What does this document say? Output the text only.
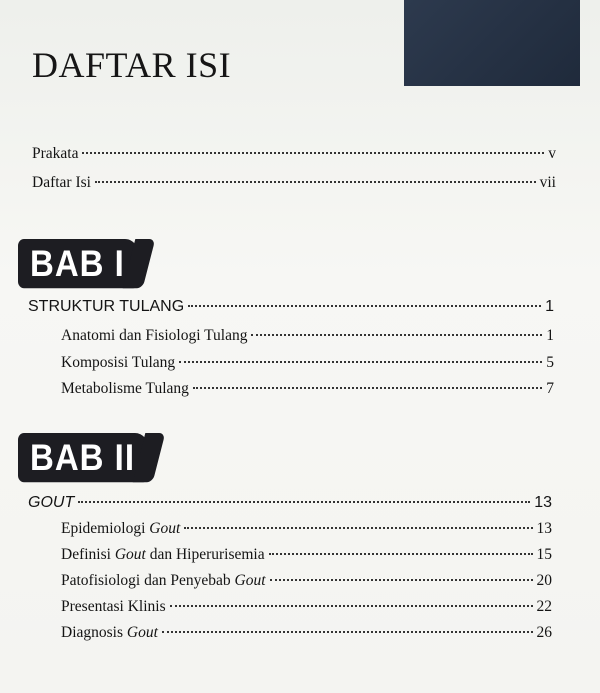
DAFTAR ISI
Prakata	v
Daftar Isi	vii
BAB I
STRUKTUR TULANG	1
Anatomi dan Fisiologi Tulang	1
Komposisi Tulang	5
Metabolisme Tulang	7
BAB II
GOUT	13
Epidemiologi Gout	13
Definisi Gout dan Hiperurisemia	15
Patofisiologi dan Penyebab Gout	20
Presentasi Klinis	22
Diagnosis Gout	26
